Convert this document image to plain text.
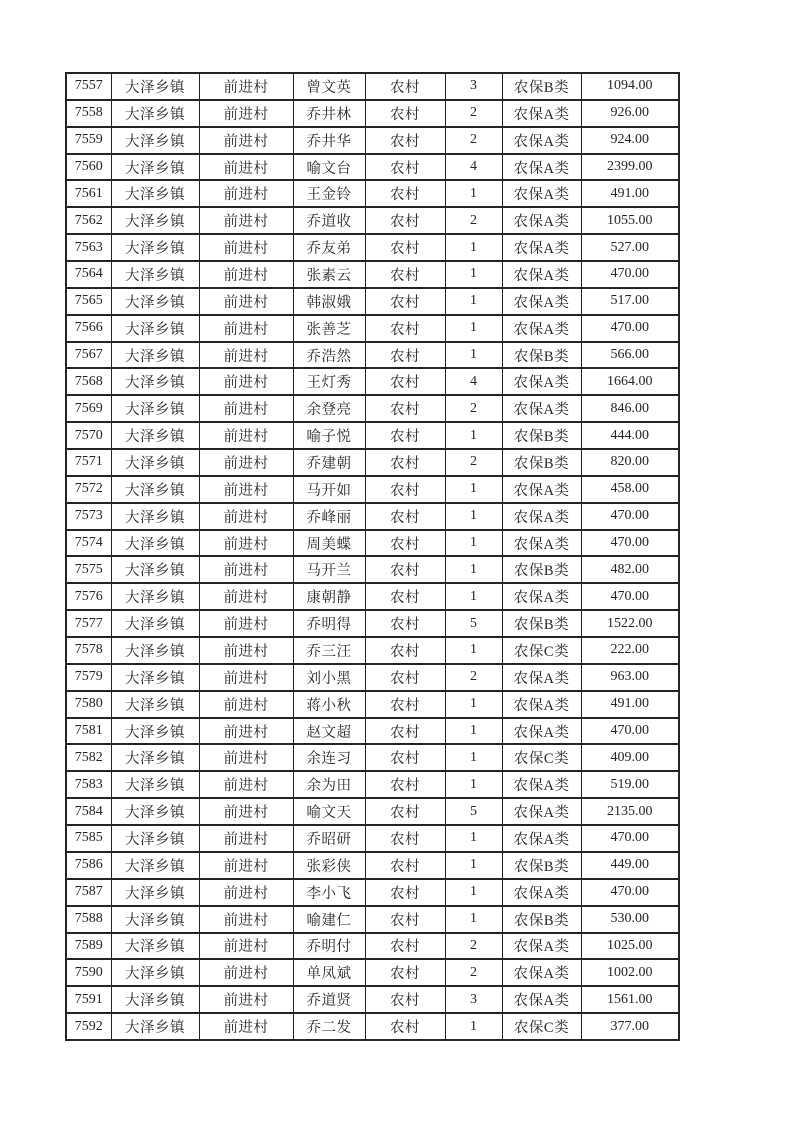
7557	大泽乡镇	前进村	曾文英	农村	3	农保B类	1094.00
7558	大泽乡镇	前进村	乔井林	农村	2	农保A类	926.00
7559	大泽乡镇	前进村	乔井华	农村	2	农保A类	924.00
7560	大泽乡镇	前进村	喻文台	农村	4	农保A类	2399.00
7561	大泽乡镇	前进村	王金铃	农村	1	农保A类	491.00
7562	大泽乡镇	前进村	乔道收	农村	2	农保A类	1055.00
7563	大泽乡镇	前进村	乔友弟	农村	1	农保A类	527.00
7564	大泽乡镇	前进村	张素云	农村	1	农保A类	470.00
7565	大泽乡镇	前进村	韩淑娥	农村	1	农保A类	517.00
7566	大泽乡镇	前进村	张善芝	农村	1	农保A类	470.00
7567	大泽乡镇	前进村	乔浩然	农村	1	农保B类	566.00
7568	大泽乡镇	前进村	王灯秀	农村	4	农保A类	1664.00
7569	大泽乡镇	前进村	余登亮	农村	2	农保A类	846.00
7570	大泽乡镇	前进村	喻子悦	农村	1	农保B类	444.00
7571	大泽乡镇	前进村	乔建朝	农村	2	农保B类	820.00
7572	大泽乡镇	前进村	马开如	农村	1	农保A类	458.00
7573	大泽乡镇	前进村	乔峰丽	农村	1	农保A类	470.00
7574	大泽乡镇	前进村	周美蝶	农村	1	农保A类	470.00
7575	大泽乡镇	前进村	马开兰	农村	1	农保B类	482.00
7576	大泽乡镇	前进村	康朝静	农村	1	农保A类	470.00
7577	大泽乡镇	前进村	乔明得	农村	5	农保B类	1522.00
7578	大泽乡镇	前进村	乔三汪	农村	1	农保C类	222.00
7579	大泽乡镇	前进村	刘小黑	农村	2	农保A类	963.00
7580	大泽乡镇	前进村	蒋小秋	农村	1	农保A类	491.00
7581	大泽乡镇	前进村	赵文超	农村	1	农保A类	470.00
7582	大泽乡镇	前进村	余连习	农村	1	农保C类	409.00
7583	大泽乡镇	前进村	余为田	农村	1	农保A类	519.00
7584	大泽乡镇	前进村	喻文天	农村	5	农保A类	2135.00
7585	大泽乡镇	前进村	乔昭研	农村	1	农保A类	470.00
7586	大泽乡镇	前进村	张彩侠	农村	1	农保B类	449.00
7587	大泽乡镇	前进村	李小飞	农村	1	农保A类	470.00
7588	大泽乡镇	前进村	喻建仁	农村	1	农保B类	530.00
7589	大泽乡镇	前进村	乔明付	农村	2	农保A类	1025.00
7590	大泽乡镇	前进村	单凤斌	农村	2	农保A类	1002.00
7591	大泽乡镇	前进村	乔道贤	农村	3	农保A类	1561.00
7592	大泽乡镇	前进村	乔二发	农村	1	农保C类	377.00
